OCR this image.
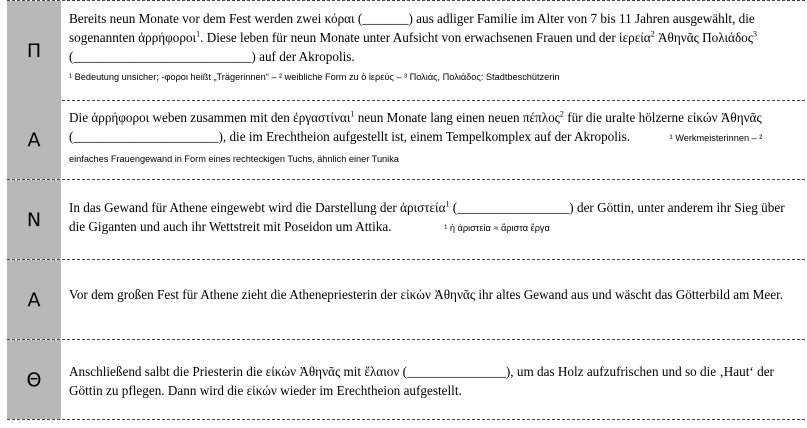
Π

Bereits neun Monate vor dem Fest werden zwei κόραι (_______) aus adliger Familie im Alter von 7 bis 11 Jahren ausgewählt, die sogenannten ἀρρήφοροι$^1$. Diese leben für neun Monate unter Aufsicht von erwachsenen Frauen und der ἱερεία$^2$ Ἀθηνᾶς Πολιάδος$^3$ (___________________________) auf der Akropolis.

¹ Bedeutung unsicher; -φοροι heißt „Trägerinnen“ – ² weibliche Form zu ὁ ἱερεύς – ³ Πολιάς, Πολιάδος: Stadtbeschützerin
Α

Die ἀρρήφοροι weben zusammen mit den ἐργαστίναι$^1$ neun Monate lang einen neuen πέπλος$^2$ für die uralte hölzerne εἰκών Ἀθηνᾶς (______________________), die im Erechtheion aufgestellt ist, einem Tempelkomplex auf der Akropolis.	¹ Werkmeisterinnen – ² einfaches Frauengewand in Form eines rechteckigen Tuchs, ähnlich einer Tunika

Ν

In das Gewand für Athene eingewebt wird die Darstellung der ἀριστεία$^1$ (_________________) der Göttin, unter anderem ihr Sieg über die Giganten und auch ihr Wettstreit mit Poseidon um Attika.	¹ ἡ ἀριστεία ≈ ἄριστα ἔργα

Α Vor dem großen Fest für Athene zieht die Athenepriesterin der εἰκὼν Ἀθηνᾶς ihr altes Gewand aus und wäscht das Götterbild am Meer.

Θ Anschließend salbt die Priesterin die εἰκὼν Ἀθηνᾶς mit ἔλαιον (_______________), um das Holz aufzufrischen und so die ‚Haut‘ der Göttin zu pflegen. Dann wird die εἰκών wieder im Erechtheion aufgestellt.
